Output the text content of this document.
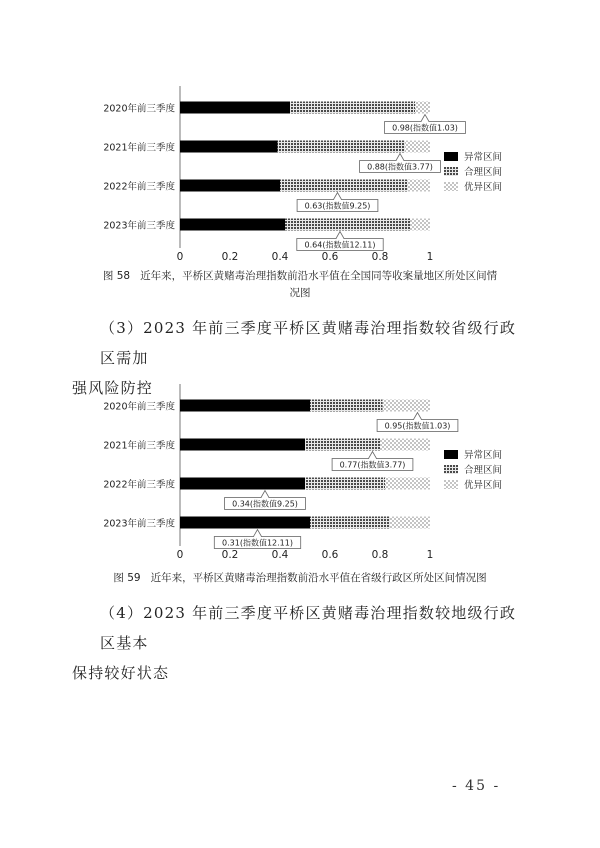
2020年前三季度
0.98(指数值1.03)
2021年前三季度
0.88(指数值3.77)
2022年前三季度
0.63(指数值9.25)
2023年前三季度
0.64(指数值12.11)
0	0.2	0.4	0.6	0.8	1
异常区间
合理区间
优异区间
图 58 近年来，平桥区黄赌毒治理指数前沿水平值在全国同等收案量地区所处区间情
况图
（3）2023 年前三季度平桥区黄赌毒治理指数较省级行政区需加
强风险防控
2020年前三季度
0.95(指数值1.03)
2021年前三季度
0.77(指数值3.77)
2022年前三季度
0.34(指数值9.25)
2023年前三季度
0.31(指数值12.11)
0	0.2	0.4	0.6	0.8	1
异常区间
合理区间
优异区间
图 59 近年来，平桥区黄赌毒治理指数前沿水平值在省级行政区所处区间情况图
（4）2023 年前三季度平桥区黄赌毒治理指数较地级行政区基本
保持较好状态
- 45 -
